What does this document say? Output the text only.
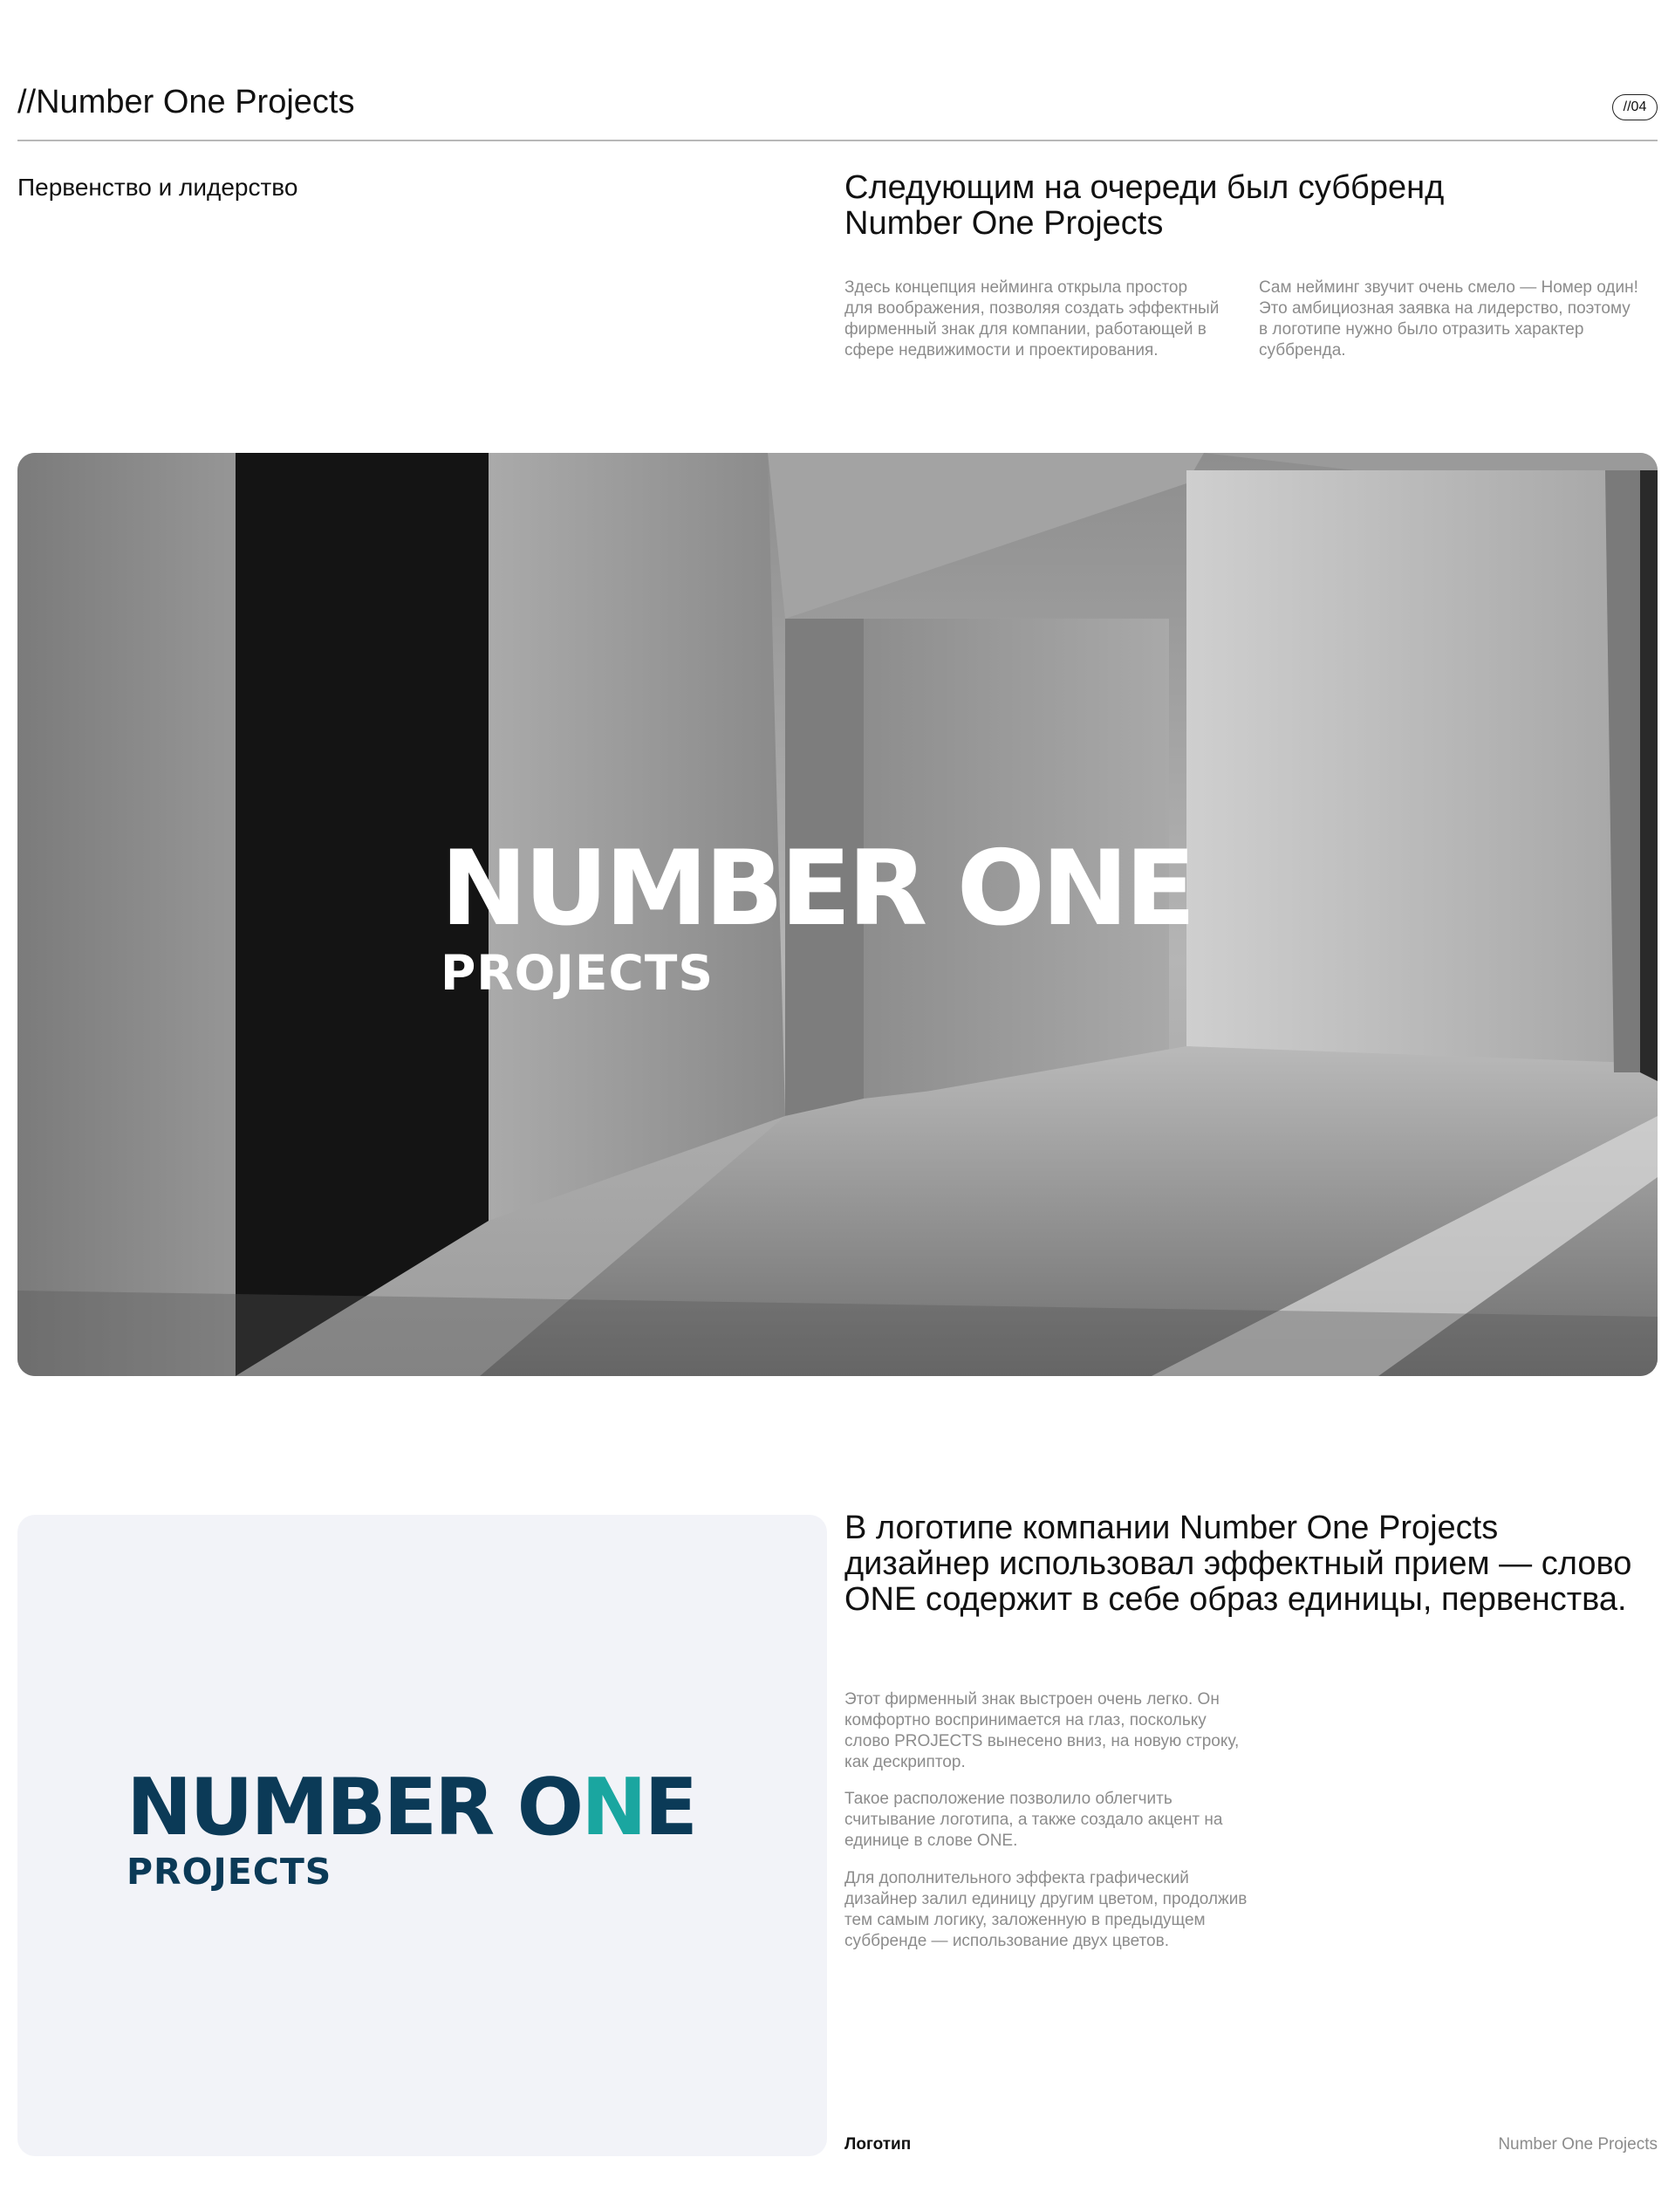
//Number One Projects	//04
Первенство и лидерство	Следующим на очереди был суббренд Number One Projects

Здесь концепция нейминга открыла простор для воображения, позволяя создать эффектный фирменный знак для компании, работающей в сфере недвижимости и проектирования.

Сам нейминг звучит очень смело — Номер один! Это амбициозная заявка на лидерство, поэтому в логотипе нужно было отразить характер суббренда.

NUMBER ONE
PROJECTS
NUMBER ONE
PROJECTS
В логотипе компании Number One Projects дизайнер использовал эффектный прием — слово ONE содержит в себе образ единицы, первенства.

Этот фирменный знак выстроен очень легко. Он комфортно воспринимается на глаз, поскольку слово PROJECTS вынесено вниз, на новую строку, как дескриптор.

Такое расположение позволило облегчить считывание логотипа, а также создало акцент на единице в слове ONE.

Для дополнительного эффекта графический дизайнер залил единицу другим цветом, продолжив тем самым логику, заложенную в предыдущем суббренде — использование двух цветов.

Логотип	Number One Projects
